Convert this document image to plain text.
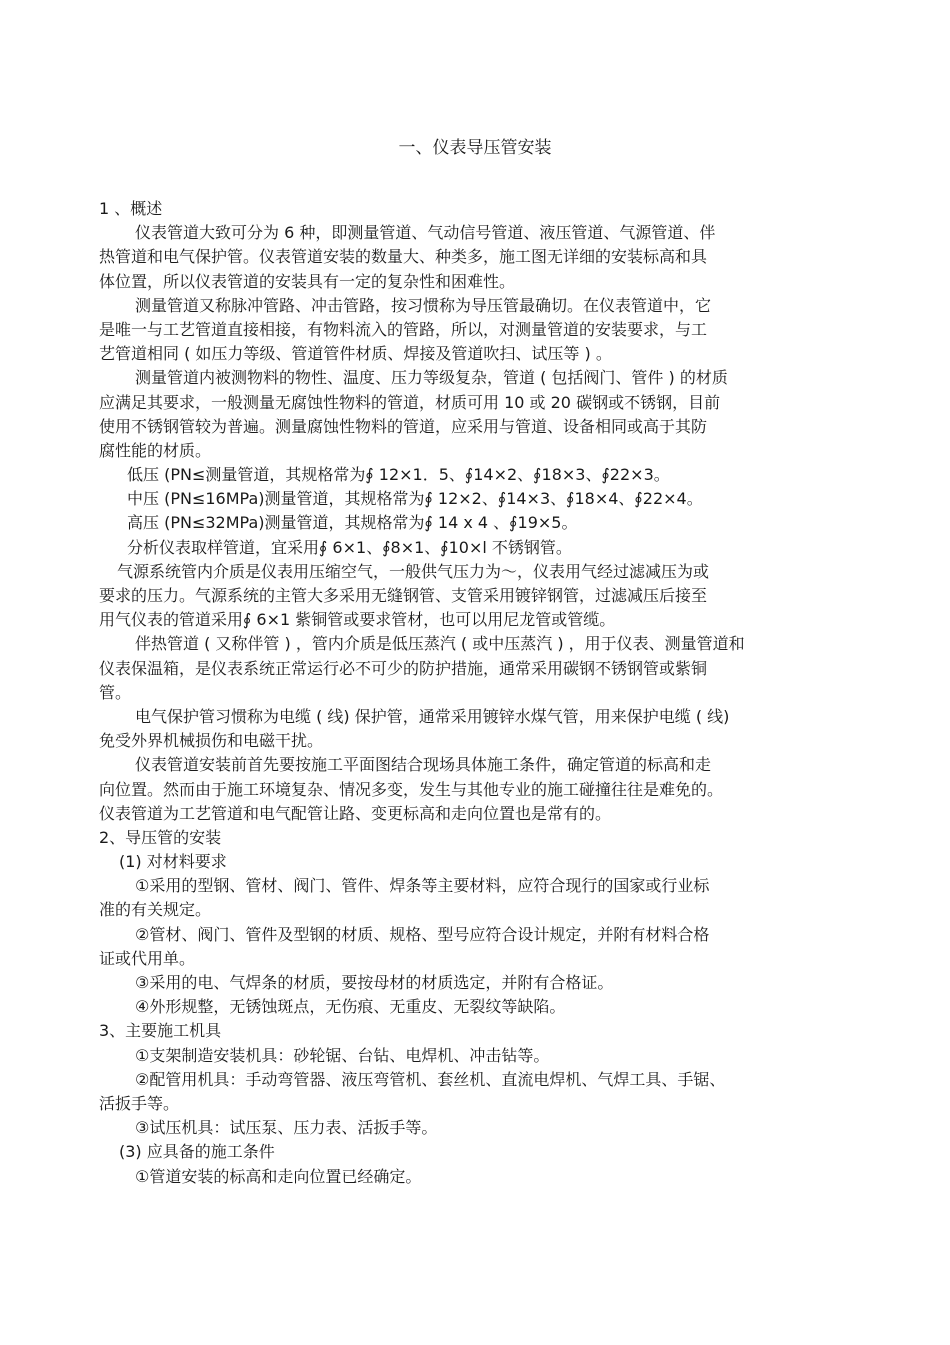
一、仪表导压管安装
1 、概述
仪表管道大致可分为 6 种，即测量管道、气动信号管道、液压管道、气源管道、伴
热管道和电气保护管。仪表管道安装的数量大、种类多，施工图无详细的安装标高和具
体位置，所以仪表管道的安装具有一定的复杂性和困难性。
测量管道又称脉冲管路、冲击管路，按习惯称为导压管最确切。在仪表管道中，它
是唯一与工艺管道直接相接，有物料流入的管路，所以，对测量管道的安装要求，与工
艺管道相同 ( 如压力等级、管道管件材质、焊接及管道吹扫、试压等 ) 。
测量管道内被测物料的物性、温度、压力等级复杂，管道 ( 包括阀门、管件 ) 的材质
应满足其要求，一般测量无腐蚀性物料的管道，材质可用 10 或 20 碳钢或不锈钢，目前
使用不锈钢管较为普遍。测量腐蚀性物料的管道，应采用与管道、设备相同或高于其防
腐性能的材质。
低压 (PN≤测量管道，其规格常为∮ 12×1．5、∮14×2、∮18×3、∮22×3。
中压 (PN≤16MPa)测量管道，其规格常为∮ 12×2、∮14×3、∮18×4、∮22×4。
高压 (PN≤32MPa)测量管道，其规格常为∮ 14 x 4 、∮19×5。
分析仪表取样管道，宜采用∮ 6×1、∮8×1、∮10×l 不锈钢管。
气源系统管内介质是仪表用压缩空气，一般供气压力为～，仪表用气经过滤减压为或
要求的压力。气源系统的主管大多采用无缝钢管、支管采用镀锌钢管，过滤减压后接至
用气仪表的管道采用∮ 6×1 紫铜管或要求管材，也可以用尼龙管或管缆。
伴热管道 ( 又称伴管 ) ，管内介质是低压蒸汽 ( 或中压蒸汽 ) ，用于仪表、测量管道和
仪表保温箱，是仪表系统正常运行必不可少的防护措施，通常采用碳钢不锈钢管或紫铜
管。
电气保护管习惯称为电缆 ( 线) 保护管，通常采用镀锌水煤气管，用来保护电缆 ( 线)
免受外界机械损伤和电磁干扰。
仪表管道安装前首先要按施工平面图结合现场具体施工条件，确定管道的标高和走
向位置。然而由于施工环境复杂、情况多变，发生与其他专业的施工碰撞往往是难免的。
仪表管道为工艺管道和电气配管让路、变更标高和走向位置也是常有的。
2、导压管的安装
(1) 对材料要求
①采用的型钢、管材、阀门、管件、焊条等主要材料，应符合现行的国家或行业标
准的有关规定。
②管材、阀门、管件及型钢的材质、规格、型号应符合设计规定，并附有材料合格
证或代用单。
③采用的电、气焊条的材质，要按母材的材质选定，并附有合格证。
④外形规整，无锈蚀斑点，无伤痕、无重皮、无裂纹等缺陷。
3、主要施工机具
①支架制造安装机具：砂轮锯、台钻、电焊机、冲击钻等。
②配管用机具：手动弯管器、液压弯管机、套丝机、直流电焊机、气焊工具、手锯、
活扳手等。
③试压机具：试压泵、压力表、活扳手等。
(3) 应具备的施工条件
①管道安装的标高和走向位置已经确定。
